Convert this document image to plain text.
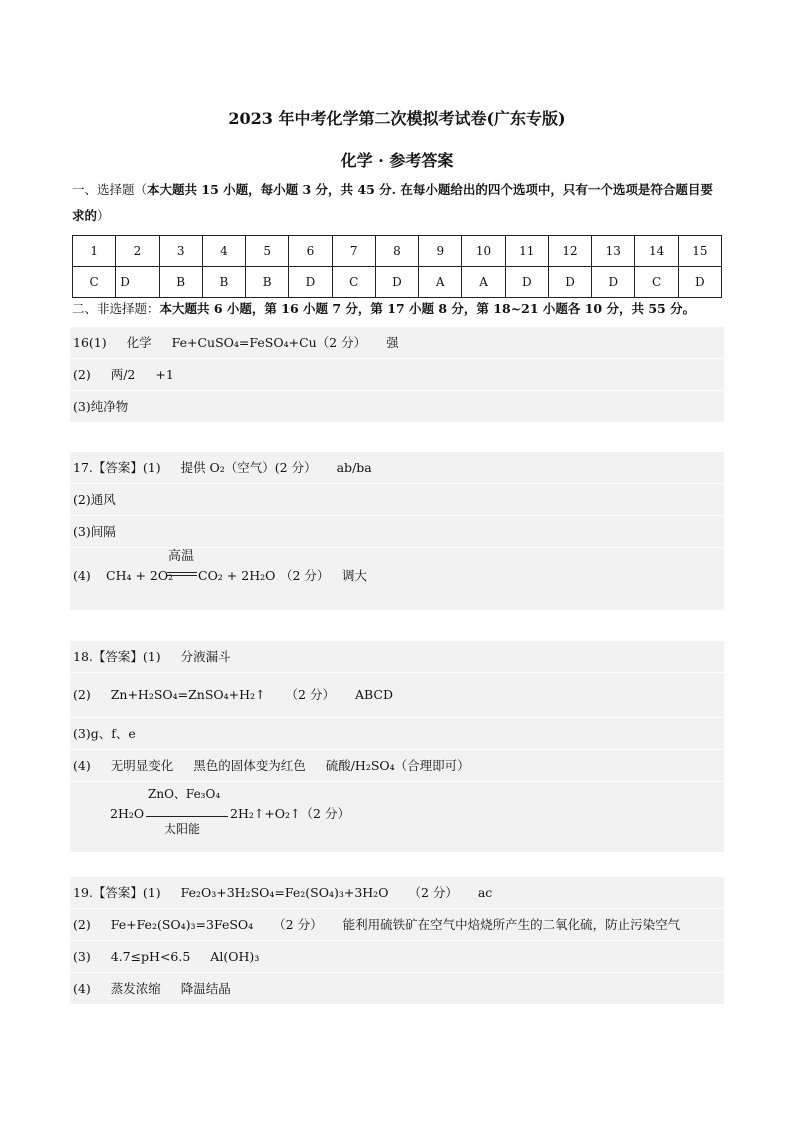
2023 年中考化学第二次模拟考试卷(广东专版)
化学 · 参考答案
一、选择题（本大题共 15 小题，每小题 3 分，共 45 分. 在每小题给出的四个选项中，只有一个选项是符合题目要求的）
1	2	3	4	5	6	7	8	9	10	11	12	13	14	15
C	D	B	B	B	D	C	D	A	A	D	D	D	C	D
二、非选择题：本大题共 6 小题，第 16 小题 7 分，第 17 小题 8 分，第 18~21 小题各 10 分，共 55 分。
16(1) 化学 Fe+CuSO₄=FeSO₄+Cu（2 分） 强
(2) 两/2 +1
(3)纯净物
17.【答案】(1) 提供 O₂（空气）(2 分） ab/ba
(2)通风
(3)间隔
(4) CH₄ + 2O₂
高温
CO₂ + 2H₂O （2 分） 调大
18.【答案】(1) 分液漏斗
(2) Zn+H₂SO₄=ZnSO₄+H₂↑ （2 分） ABCD
(3)g、f、e
(4) 无明显变化 黑色的固体变为红色 硫酸/H₂SO₄（合理即可）
2H₂O
ZnO、Fe₃O₄
太阳能
2H₂↑+O₂↑（2 分）
19.【答案】(1) Fe₂O₃+3H₂SO₄=Fe₂(SO₄)₃+3H₂O （2 分） ac
(2) Fe+Fe₂(SO₄)₃=3FeSO₄ （2 分） 能利用硫铁矿在空气中焙烧所产生的二氧化硫，防止污染空气
(3) 4.7≤pH<6.5 Al(OH)₃
(4) 蒸发浓缩 降温结晶
